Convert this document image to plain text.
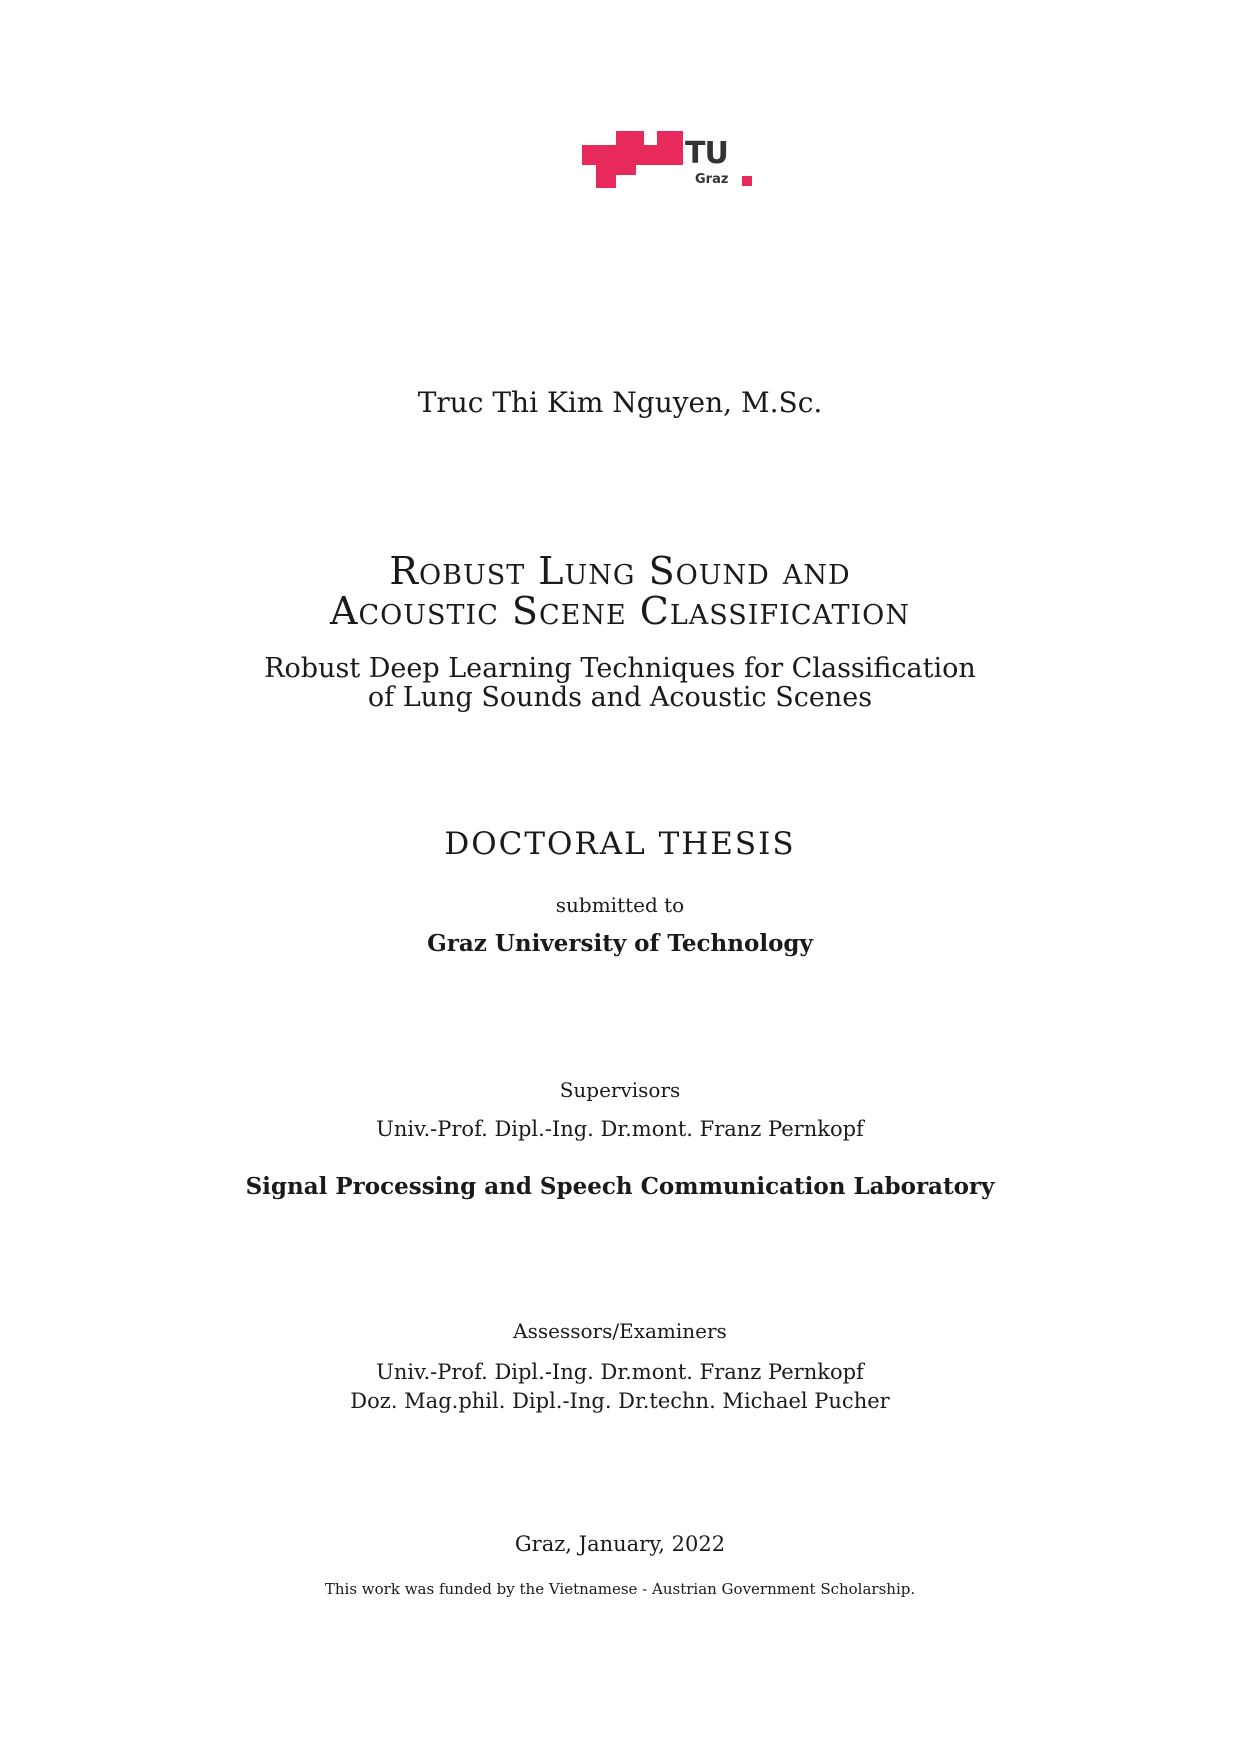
TU
Graz
Truc Thi Kim Nguyen, M.Sc.
Robust Lung Sound and
Acoustic Scene Classification
Robust Deep Learning Techniques for Classification
of Lung Sounds and Acoustic Scenes
DOCTORAL THESIS
submitted to
Graz University of Technology
Supervisors
Univ.-Prof. Dipl.-Ing. Dr.mont. Franz Pernkopf
Signal Processing and Speech Communication Laboratory
Assessors/Examiners
Univ.-Prof. Dipl.-Ing. Dr.mont. Franz Pernkopf
Doz. Mag.phil. Dipl.-Ing. Dr.techn. Michael Pucher
Graz, January, 2022
This work was funded by the Vietnamese - Austrian Government Scholarship.
